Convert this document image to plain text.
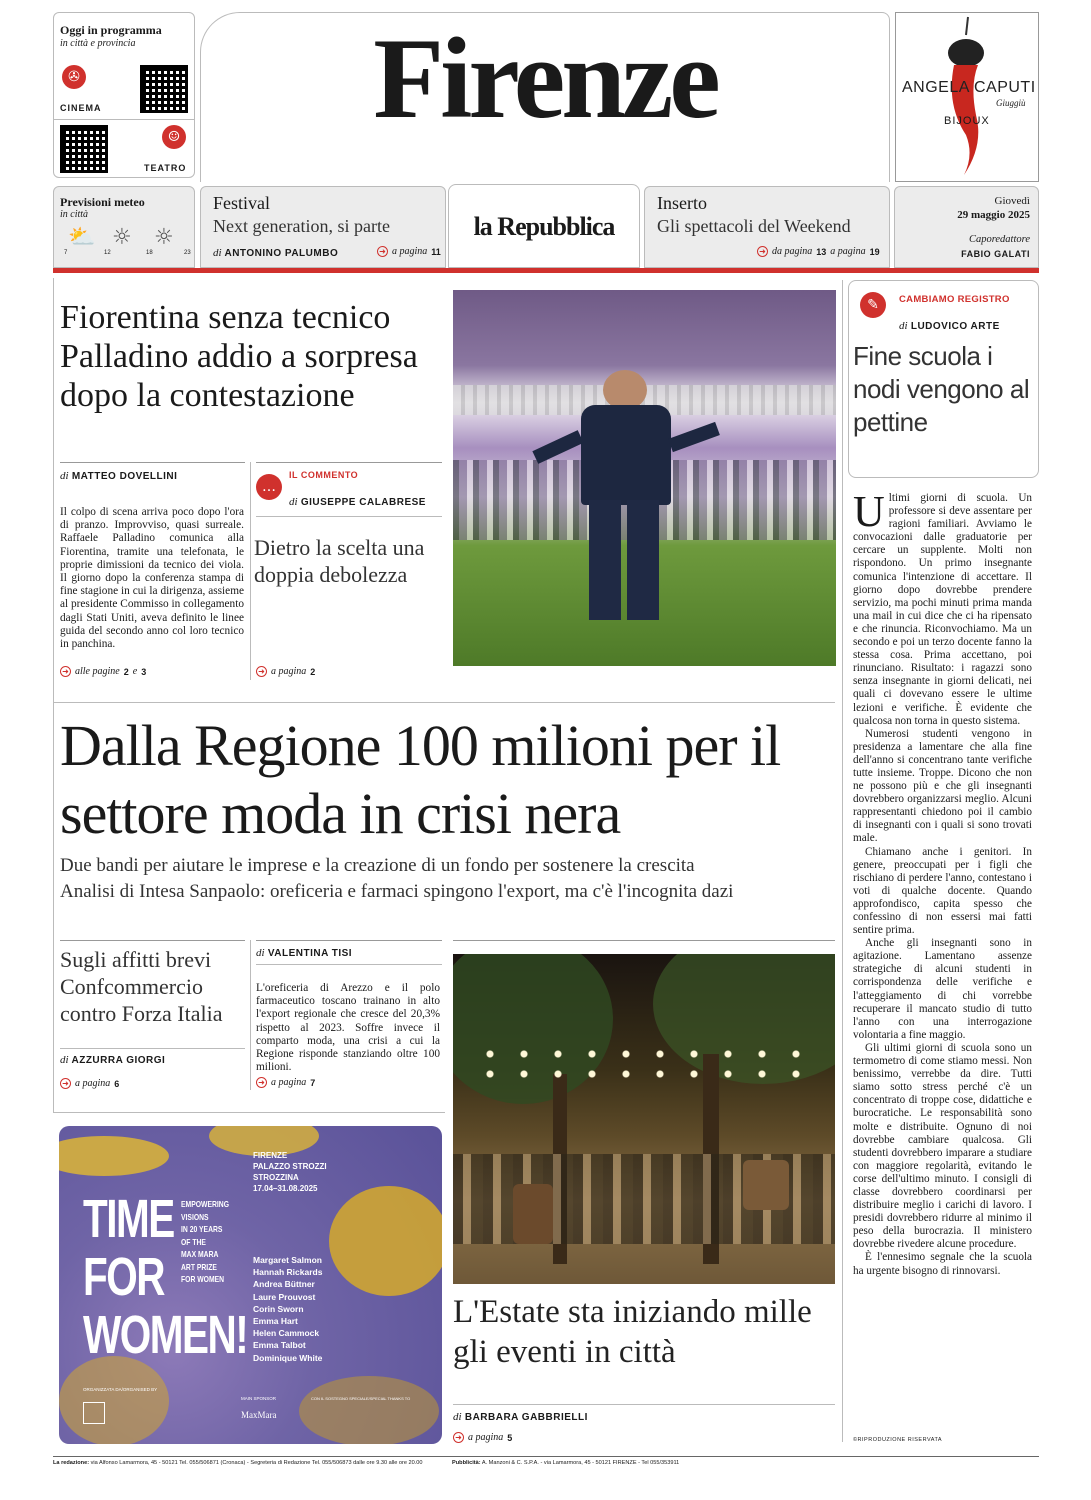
Oggi in programma
in città e provincia
✇
CINEMA
☺
TEATRO
Firenze	ANGELA CAPUTI
Giuggiù
BIJOUX
Previsioni meteo
in città
⛅ ☼ ☼
7	12	18	23
Festival
Next generation, si parte
di ANTONINO PALUMBO	➜ a pagina 11
la Repubblica
Inserto
Gli spettacoli del Weekend
➜ da pagina 13 a pagina 19
Giovedì
29 maggio 2025
Caporedattore
FABIO GALATI
Fiorentina senza tecnico Palladino addio a sorpresa dopo la contestazione
di MATTEO DOVELLINI
Il colpo di scena arriva poco dopo l'ora di pranzo. Improvviso, quasi surreale. Raffaele Palladino comunica alla Fiorentina, tramite una telefonata, le proprie dimissioni da tecnico dei viola. Il giorno dopo la conferenza stampa di fine stagione in cui la dirigenza, assieme al presidente Commisso in collegamento dagli Stati Uniti, aveva definito le linee guida del secondo anno col loro tecnico in panchina.
➜ alle pagine 2 e 3
…
IL COMMENTO
di GIUSEPPE CALABRESE
Dietro la scelta una doppia debolezza
➜ a pagina 2
✎	CAMBIAMO REGISTRO
di LUDOVICO ARTE
Fine scuola i nodi vengono al pettine
Ultimi giorni di scuola. Un professore si deve assentare per ragioni familiari. Avviamo le convocazioni dalle graduatorie per cercare un supplente. Molti non rispondono. Un primo insegnante comunica l'intenzione di accettare. Il giorno dopo dovrebbe prendere servizio, ma pochi minuti prima manda una mail in cui dice che ci ha ripensato e che rinuncia. Riconvochiamo. Ma un secondo e poi un terzo docente fanno la stessa cosa. Prima accettano, poi rinunciano. Risultato: i ragazzi sono senza insegnante in giorni delicati, nei quali ci dovevano essere le ultime lezioni e verifiche. È evidente che qualcosa non torna in questo sistema.
Numerosi studenti vengono in presidenza a lamentare che alla fine dell'anno si concentrano tante verifiche tutte insieme. Troppe. Dicono che non ne possono più e che gli insegnanti dovrebbero organizzarsi meglio. Alcuni rappresentanti chiedono poi il cambio di insegnanti con i quali si sono trovati male.
Chiamano anche i genitori. In genere, preoccupati per i figli che rischiano di perdere l'anno, contestano i voti di qualche docente. Quando approfondisco, capita spesso che confessino di non essersi mai fatti sentire prima.
Anche gli insegnanti sono in agitazione. Lamentano assenze strategiche di alcuni studenti in corrispondenza delle verifiche e l'atteggiamento di chi vorrebbe recuperare il mancato studio di tutto l'anno con una interrogazione volontaria a fine maggio.
Gli ultimi giorni di scuola sono un termometro di come stiamo messi. Non benissimo, verrebbe da dire. Tutti siamo sotto stress perché c'è un concentrato di troppe cose, didattiche e burocratiche. Le responsabilità sono molte e distribuite. Ognuno di noi dovrebbe cambiare qualcosa. Gli studenti dovrebbero imparare a studiare con maggiore regolarità, evitando le corse dell'ultimo minuto. I consigli di classe dovrebbero coordinarsi per distribuire meglio i carichi di lavoro. I presidi dovrebbero ridurre al minimo il peso della burocrazia. Il ministero dovrebbe rivedere alcune procedure.
È l'ennesimo segnale che la scuola ha urgente bisogno di rinnovarsi.
©RIPRODUZIONE RISERVATA
Dalla Regione 100 milioni per il settore moda in crisi nera
Due bandi per aiutare le imprese e la creazione di un fondo per sostenere la crescita
Analisi di Intesa Sanpaolo: oreficeria e farmaci spingono l'export, ma c'è l'incognita dazi
Sugli affitti brevi Confcommercio contro Forza Italia
di AZZURRA GIORGI
➜ a pagina 6
di VALENTINA TISI
L'oreficeria di Arezzo e il polo farmaceutico toscano trainano in alto l'export regionale che cresce del 20,3% rispetto al 2023. Soffre invece il comparto moda, una crisi a cui la Regione risponde stanziando oltre 100 milioni.
➜ a pagina 7
TIME
FOR
WOMEN!
EMPOWERING
VISIONS
IN 20 YEARS
OF THE
MAX MARA
ART PRIZE
FOR WOMEN
FIRENZE
PALAZZO STROZZI
STROZZINA
17.04–31.08.2025
Margaret Salmon
Hannah Rickards
Andrea Büttner
Laure Prouvost
Corin Sworn
Emma Hart
Helen Cammock
Emma Talbot
Dominique White
ORGANIZZATA DA/ORGANISED BY
MAIN SPONSOR	CON IL SOSTEGNO SPECIALE/SPECIAL THANKS TO
MaxMara
L'Estate sta iniziando mille gli eventi in città
di BARBARA GABBRIELLI
➜ a pagina 5
La redazione: via Alfonso Lamarmora, 45 - 50121 Tel. 055/506871 (Cronaca) - Segreteria di Redazione Tel. 055/506873 dalle ore 9.30 alle ore 20.00	Pubblicità: A. Manzoni & C. S.P.A. - via Lamarmora, 45 - 50121 FIRENZE - Tel 055/353911
